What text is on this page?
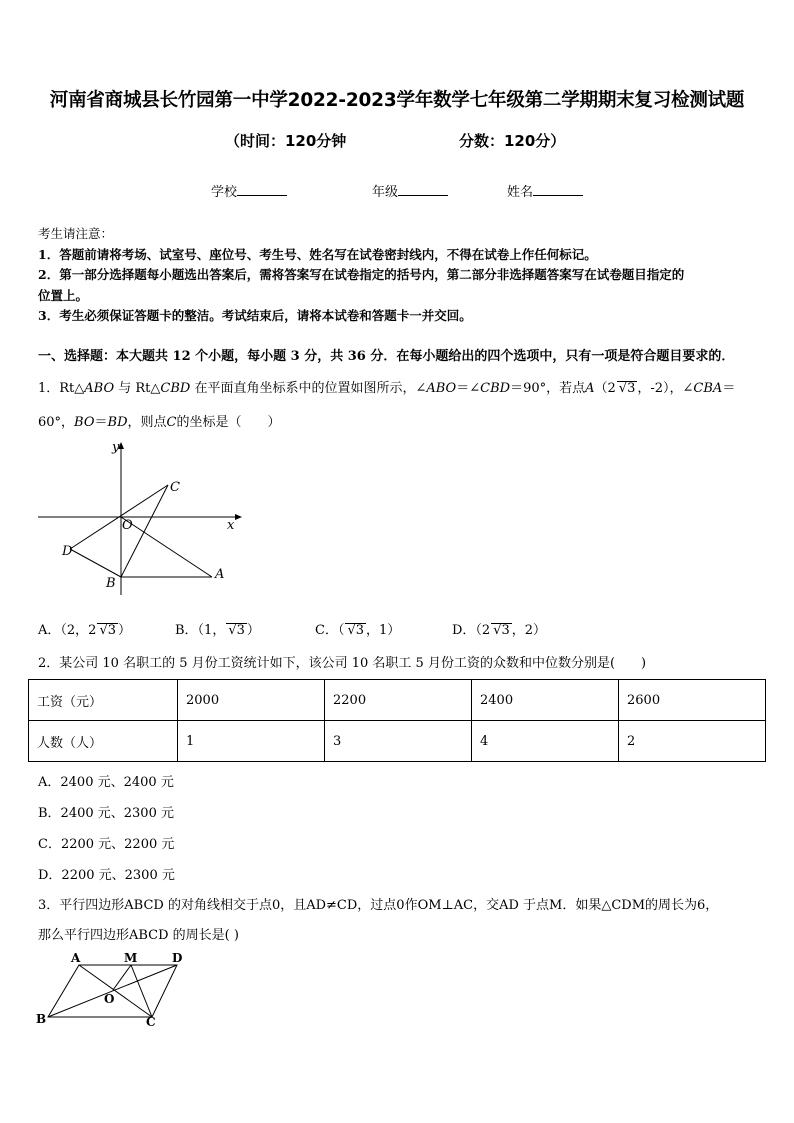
河南省商城县长竹园第一中学2022-2023学年数学七年级第二学期期末复习检测试题
（时间：120分钟	分数：120分）
学校	年级	姓名

考生请注意：

1．答题前请将考场、试室号、座位号、考生号、姓名写在试卷密封线内，不得在试卷上作任何标记。

2．第一部分选择题每小题选出答案后，需将答案写在试卷指定的括号内，第二部分非选择题答案写在试卷题目指定的

位置上。

3．考生必须保证答题卡的整洁。考试结束后，请将本试卷和答题卡一并交回。

一、选择题：本大题共 12 个小题，每小题 3 分，共 36 分．在每小题给出的四个选项中，只有一项是符合题目要求的．
1．Rt△ABO 与 Rt△CBD 在平面直角坐标系中的位置如图所示，∠ABO＝∠CBD＝90°，若点A（2 √3 ，-2），∠CBA＝
60°，BO＝BD，则点C的坐标是（　　）
y
x
O
C
D
B
A
A．（2，2 √3 ）	B．（1， √3 ）	C．（ √3 ，1）	D．（2 √3 ，2）
2．某公司 10 名职工的 5 月份工资统计如下，该公司 10 名职工 5 月份工资的众数和中位数分别是(　　)
工资（元）	2000	2200	2400	2600
人数（人）	1	3	4	2
A．2400 元、2400 元
B．2400 元、2300 元
C．2200 元、2200 元
D．2200 元、2300 元
3．平行四边形ABCD 的对角线相交于点0，且AD≠CD，过点0作OM⊥AC，交AD 于点M．如果△CDM的周长为6，
那么平行四边形ABCD 的周长是( )
A	M	D
O
B	C
